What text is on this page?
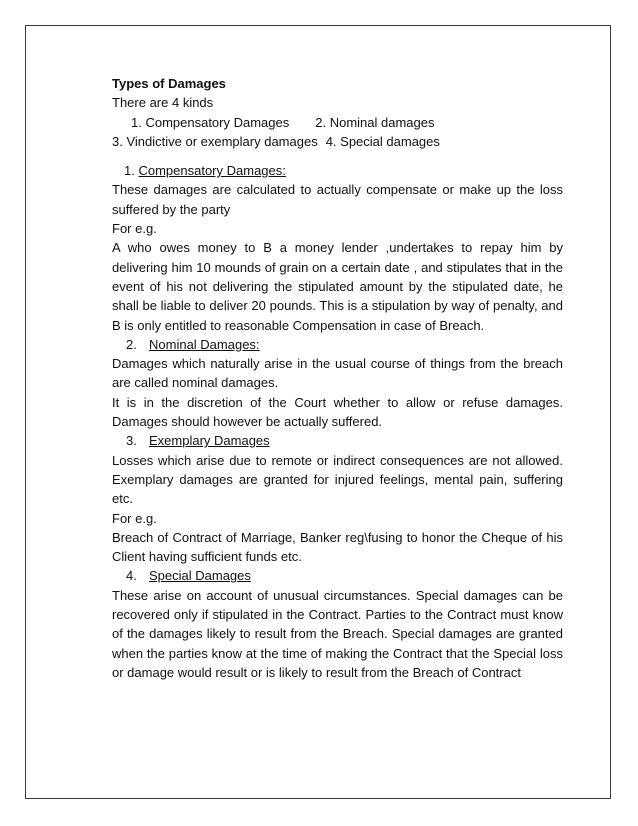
Types of Damages
There are 4 kinds
1. Compensatory Damages 2. Nominal damages
3. Vindictive or exemplary damages 4. Special damages
1. Compensatory Damages:
These damages are calculated to actually compensate or make up the loss suffered by the party
For e.g.
A who owes money to B a money lender ,undertakes to repay him by delivering him 10 mounds of grain on a certain date , and stipulates that in the event of his not delivering the stipulated amount by the stipulated date, he shall be liable to deliver 20 pounds. This is a stipulation by way of penalty, and B is only entitled to reasonable Compensation in case of Breach.
2. Nominal Damages:
Damages which naturally arise in the usual course of things from the breach are called nominal damages.
It is in the discretion of the Court whether to allow or refuse damages. Damages should however be actually suffered.
3. Exemplary Damages
Losses which arise due to remote or indirect consequences are not allowed. Exemplary damages are granted for injured feelings, mental pain, suffering etc.
For e.g.
Breach of Contract of Marriage, Banker reg\fusing to honor the Cheque of his Client having sufficient funds etc.
4. Special Damages
These arise on account of unusual circumstances. Special damages can be recovered only if stipulated in the Contract. Parties to the Contract must know of the damages likely to result from the Breach. Special damages are granted when the parties know at the time of making the Contract that the Special loss or damage would result or is likely to result from the Breach of Contract
